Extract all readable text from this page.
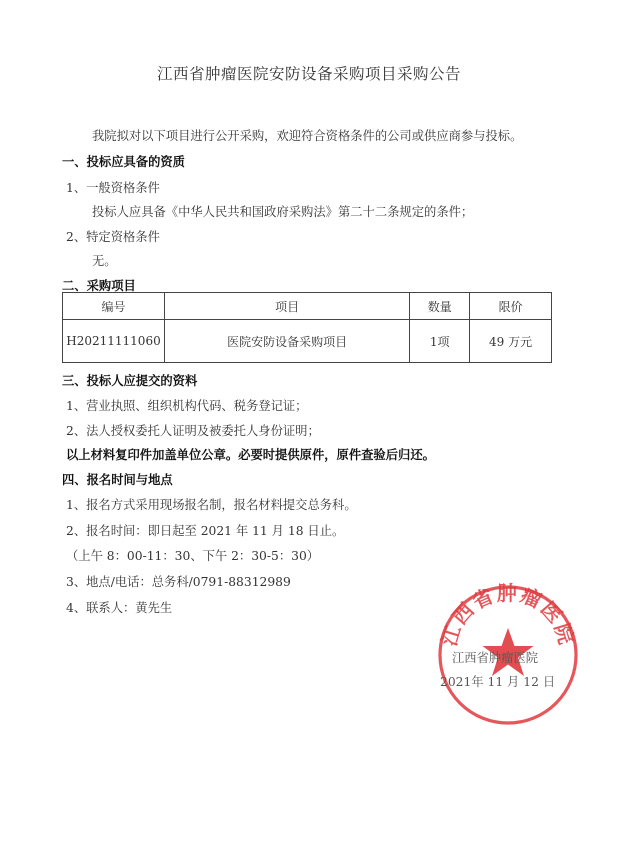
江西省肿瘤医院安防设备采购项目采购公告
我院拟对以下项目进行公开采购，欢迎符合资格条件的公司或供应商参与投标。
一、投标应具备的资质
1、一般资格条件
投标人应具备《中华人民共和国政府采购法》第二十二条规定的条件；
2、特定资格条件
无。
二、采购项目
编号	项目	数量	限价
H20211111060	医院安防设备采购项目	1项	49 万元
三、投标人应提交的资料
1、营业执照、组织机构代码、税务登记证；
2、法人授权委托人证明及被委托人身份证明；
以上材料复印件加盖单位公章。必要时提供原件，原件查验后归还。
四、报名时间与地点
1、报名方式采用现场报名制，报名材料提交总务科。
2、报名时间：即日起至 2021 年 11 月 18 日止。
（上午 8：00-11：30、下午 2：30-5：30）
3、地点/电话：总务科/0791-88312989
4、联系人：黄先生
江西省肿瘤医院
江西省肿瘤医院
2021年 11 月 12 日
